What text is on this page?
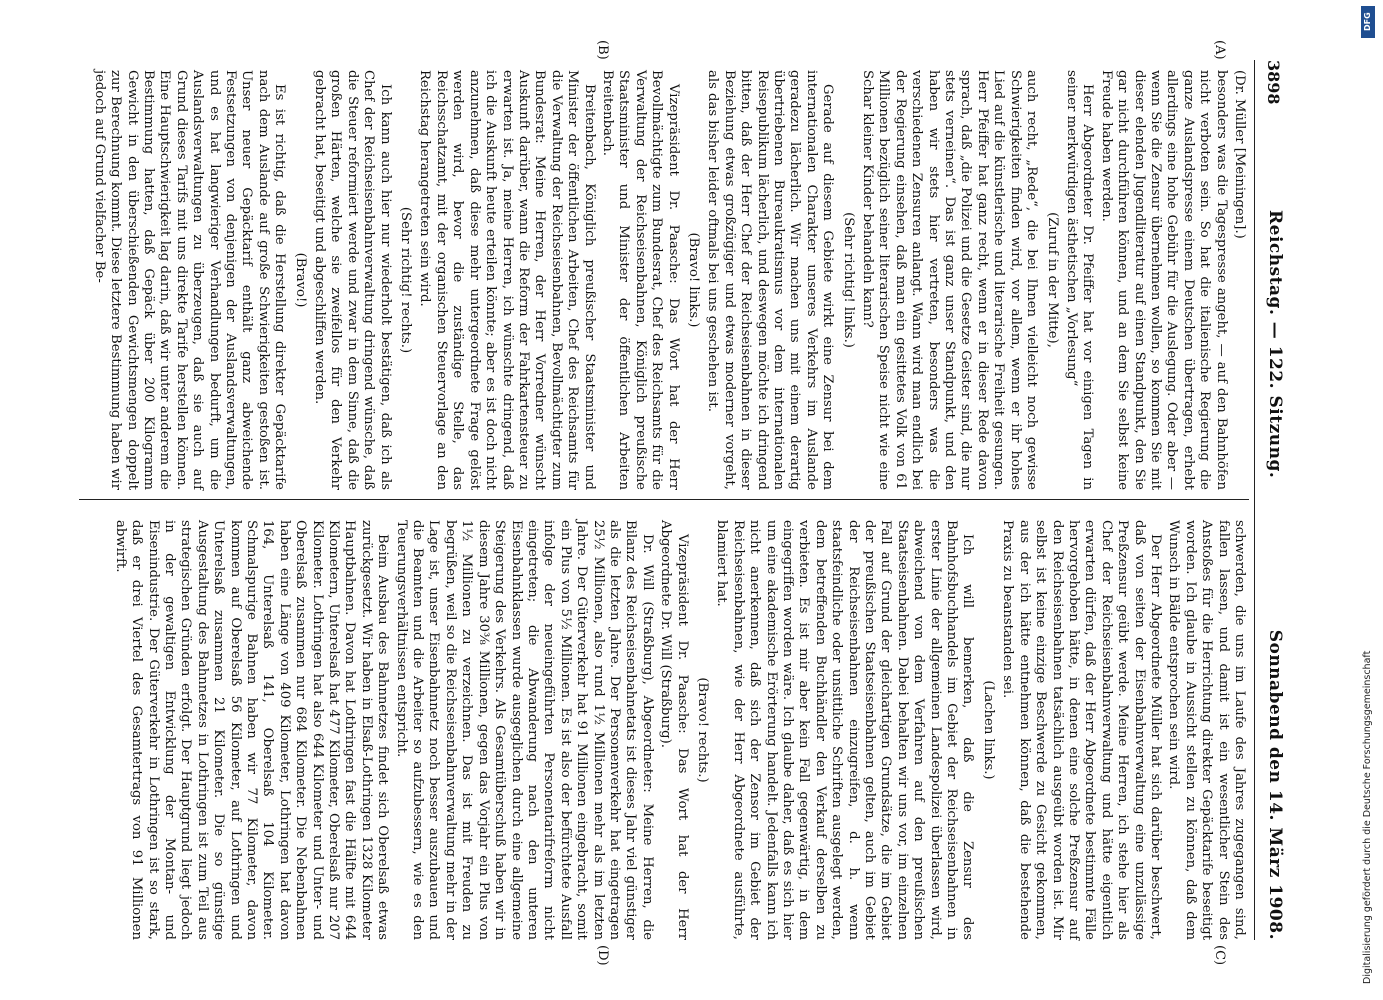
3898
Reichstag. — 122. Sitzung.
Sonnabend den 14. März 1908.
(A)
(B)
(C)
(D)

(Dr. Müller [Meiningen].)

besonders was die Tagespresse angeht, — auf den Bahnhöfen nicht verboten sein. So hat die italienische Regierung die ganze Auslandspresse einem Deutschen übertragen, erhebt allerdings eine hohe Gebühr für die Auslegung. Oder aber — wenn Sie die Zensur übernehmen wollen, so kommen Sie mit dieser elenden Jugendliteratur auf einen Standpunkt, den Sie gar nicht durchführen können, und an dem Sie selbst keine Freude haben werden.

Herr Abgeordneter Dr. Pfeiffer hat vor einigen Tagen in seiner merkwürdigen ästhetischen „Vorlesung“

(Zuruf in der Mitte),

auch recht, „Rede“, die bei Ihnen vielleicht noch gewisse Schwierigkeiten finden wird, vor allem, wenn er ihr hohes Lied auf die künstlerische und literarische Freiheit gesungen. Herr Pfeiffer hat ganz recht, wenn er in dieser Rede davon sprach, daß „die Polizei und die Gesetze Geister sind, die nur stets verneinen“. Das ist ganz unser Standpunkt, und den haben wir stets hier vertreten, besonders was die verschiedenen Zensuren anlangt. Wann wird man endlich bei der Regierung einsehen, daß man ein gesittetes Volk von 61 Millionen bezüglich seiner literarischen Speise nicht wie eine Schar kleiner Kinder behandeln kann?

(Sehr richtig! links.)

Gerade auf diesem Gebiete wirkt eine Zensur bei dem internationalen Charakter unseres Verkehrs im Auslande geradezu lächerlich. Wir machen uns mit einem derartig übertriebenen Bureaukratismus vor dem internationalen Reisepublikum lächerlich, und deswegen möchte ich dringend bitten, daß der Herr Chef der Reichseisenbahnen in dieser Beziehung etwas großzügiger und etwas moderner vorgeht, als das bisher leider oftmals bei uns geschehen ist.

(Bravo! links.)

Vizepräsident Dr. Paasche: Das Wort hat der Herr Bevollmächtigte zum Bundesrat, Chef des Reichsamts für die Verwaltung der Reichseisenbahnen, Königlich preußische Staatsminister und Minister der öffentlichen Arbeiten Breitenbach.

Breitenbach, Königlich preußischer Staatsminister und Minister der öffentlichen Arbeiten, Chef des Reichsamts für die Verwaltung der Reichseisenbahnen, Bevollmächtigter zum Bundesrat: Meine Herren, der Herr Vorredner wünscht Auskunft darüber, wann die Reform der Fahrkartensteuer zu erwarten ist. Ja, meine Herren, ich wünschte dringend, daß ich die Auskunft heute erteilen könnte; aber es ist doch nicht anzunehmen, daß diese mehr untergeordnete Frage gelöst werden wird, bevor die zuständige Stelle, das Reichsschatzamt, mit der organischen Steuervorlage an den Reichstag herangetreten sein wird.

(Sehr richtig! rechts.)

Ich kann auch hier nur wiederholt bestätigen, daß ich als Chef der Reichseisenbahnverwaltung dringend wünsche, daß die Steuer reformiert werde und zwar in dem Sinne, daß die großen Härten, welche sie zweifellos für den Verkehr gebracht hat, beseitigt und abgeschliffen werden.

(Bravo!)

Es ist richtig, daß die Herstellung direkter Gepäcktarife nach dem Auslande auf große Schwierigkeiten gestoßen ist. Unser neuer Gepäcktarif enthält ganz abweichende Festsetzungen von denjenigen der Auslandsverwaltungen, und es hat langwieriger Verhandlungen bedurft, um die Auslandsverwaltungen zu überzeugen, daß sie auch auf Grund dieses Tarifs mit uns direkte Tarife herstellen können. Eine Hauptschwierigkeit lag darin, daß wir unter anderem die Bestimmung hatten, daß Gepäck über 200 Kilogramm Gewicht in den überschießenden Gewichtsmengen doppelt zur Berechnung kommt. Diese letztere Bestimmung haben wir jedoch auf Grund vielfacher Be-

schwerden, die uns im Laufe des Jahres zugegangen sind, fallen lassen, und damit ist ein wesentlicher Stein des Anstoßes für die Herrichtung direkter Gepäcktarife beseitigt worden. Ich glaube in Aussicht stellen zu können, daß dem Wunsch in Bälde entsprochen sein wird.

Der Herr Abgeordnete Müller hat sich darüber beschwert, daß von seiten der Eisenbahnverwaltung eine unzulässige Preßzensur geübt werde. Meine Herren, ich stehe hier als Chef der Reichseisenbahnverwaltung und hätte eigentlich erwarten dürfen, daß der Herr Abgeordnete bestimmte Fälle hervorgehoben hätte, in denen eine solche Preßzensur auf den Reichseisenbahnen tatsächlich ausgeübt worden ist. Mir selbst ist keine einzige Beschwerde zu Gesicht gekommen, aus der ich hätte entnehmen können, daß die bestehende Praxis zu beanstanden sei.

(Lachen links.)

Ich will bemerken, daß die Zensur des Bahnhofsbuchhandels im Gebiet der Reichseisenbahnen in erster Linie der allgemeinen Landespolizei überlassen wird, abweichend von dem Verfahren auf den preußischen Staatseisenbahnen. Dabei behalten wir uns vor, im einzelnen Fall auf Grund der gleichartigen Grundsätze, die im Gebiet der preußischen Staatseisenbahnen gelten, auch im Gebiet der Reichseisenbahnen einzugreifen, d. h. wenn staatsfeindliche oder unsittliche Schriften ausgelegt werden, dem betreffenden Buchhändler den Verkauf derselben zu verbieten. Es ist mir aber kein Fall gegenwärtig, in dem eingegriffen worden wäre. Ich glaube daher, daß es sich hier um eine akademische Erörterung handelt. Jedenfalls kann ich nicht anerkennen, daß sich der Zensor im Gebiet der Reichseisenbahnen, wie der Herr Abgeordnete ausführte, blamiert hat.

(Bravo! rechts.)

Vizepräsident Dr. Paasche: Das Wort hat der Herr Abgeordnete Dr. Will (Straßburg).

Dr. Will (Straßburg), Abgeordneter: Meine Herren, die Bilanz des Reichseisenbahnetats ist dieses Jahr viel günstiger als die letzten Jahre. Der Personenverkehr hat eingetragen 25½ Millionen, also rund 1½ Millionen mehr als im letzten Jahre. Der Güterverkehr hat 91 Millionen eingebracht, somit ein Plus von 5½ Millionen. Es ist also der befürchtete Ausfall infolge der neueingeführten Personentarifreform nicht eingetreten; die Abwanderung nach den unteren Eisenbahnklassen wurde ausgeglichen durch eine allgemeine Steigerung des Verkehrs. Als Gesamtüberschuß haben wir in diesem Jahre 30⅜ Millionen, gegen das Vorjahr ein Plus von 1½ Millionen zu verzeichnen. Das ist mit Freuden zu begrüßen, weil so die Reichseisenbahnverwaltung mehr in der Lage ist, unser Eisenbahnnetz noch besser auszubauen und die Beamten und die Arbeiter so aufzubessern, wie es den Teuerungsverhältnissen entspricht.

Beim Ausbau des Bahnnetzes findet sich Oberelsaß etwas zurückgesetzt. Wir haben in Elsaß-Lothringen 1328 Kilometer Hauptbahnen. Davon hat Lothringen fast die Hälfte mit 644 Kilometern, Unterelsaß hat 477 Kilometer, Oberelsaß nur 207 Kilometer. Lothringen hat also 644 Kilometer und Unter- und Oberelsaß zusammen nur 684 Kilometer. Die Nebenbahnen haben eine Länge von 409 Kilometer, Lothringen hat davon 164, Unterelsaß 141, Oberelsaß 104 Kilometer. Schmalspurige Bahnen haben wir 77 Kilometer, davon kommen auf Oberelsaß 56 Kilometer, auf Lothringen und Unterelsaß zusammen 21 Kilometer. Die so günstige Ausgestaltung des Bahnnetzes in Lothringen ist zum Teil aus strategischen Gründen erfolgt. Der Hauptgrund liegt jedoch in der gewaltigen Entwicklung der Montan- und Eisenindustrie. Der Güterverkehr in Lothringen ist so stark, daß er drei Viertel des Gesamtertrags von 91 Millionen abwirft.

DFG
Digitalisierung gefördert durch die Deutsche Forschungsgemeinschaft
